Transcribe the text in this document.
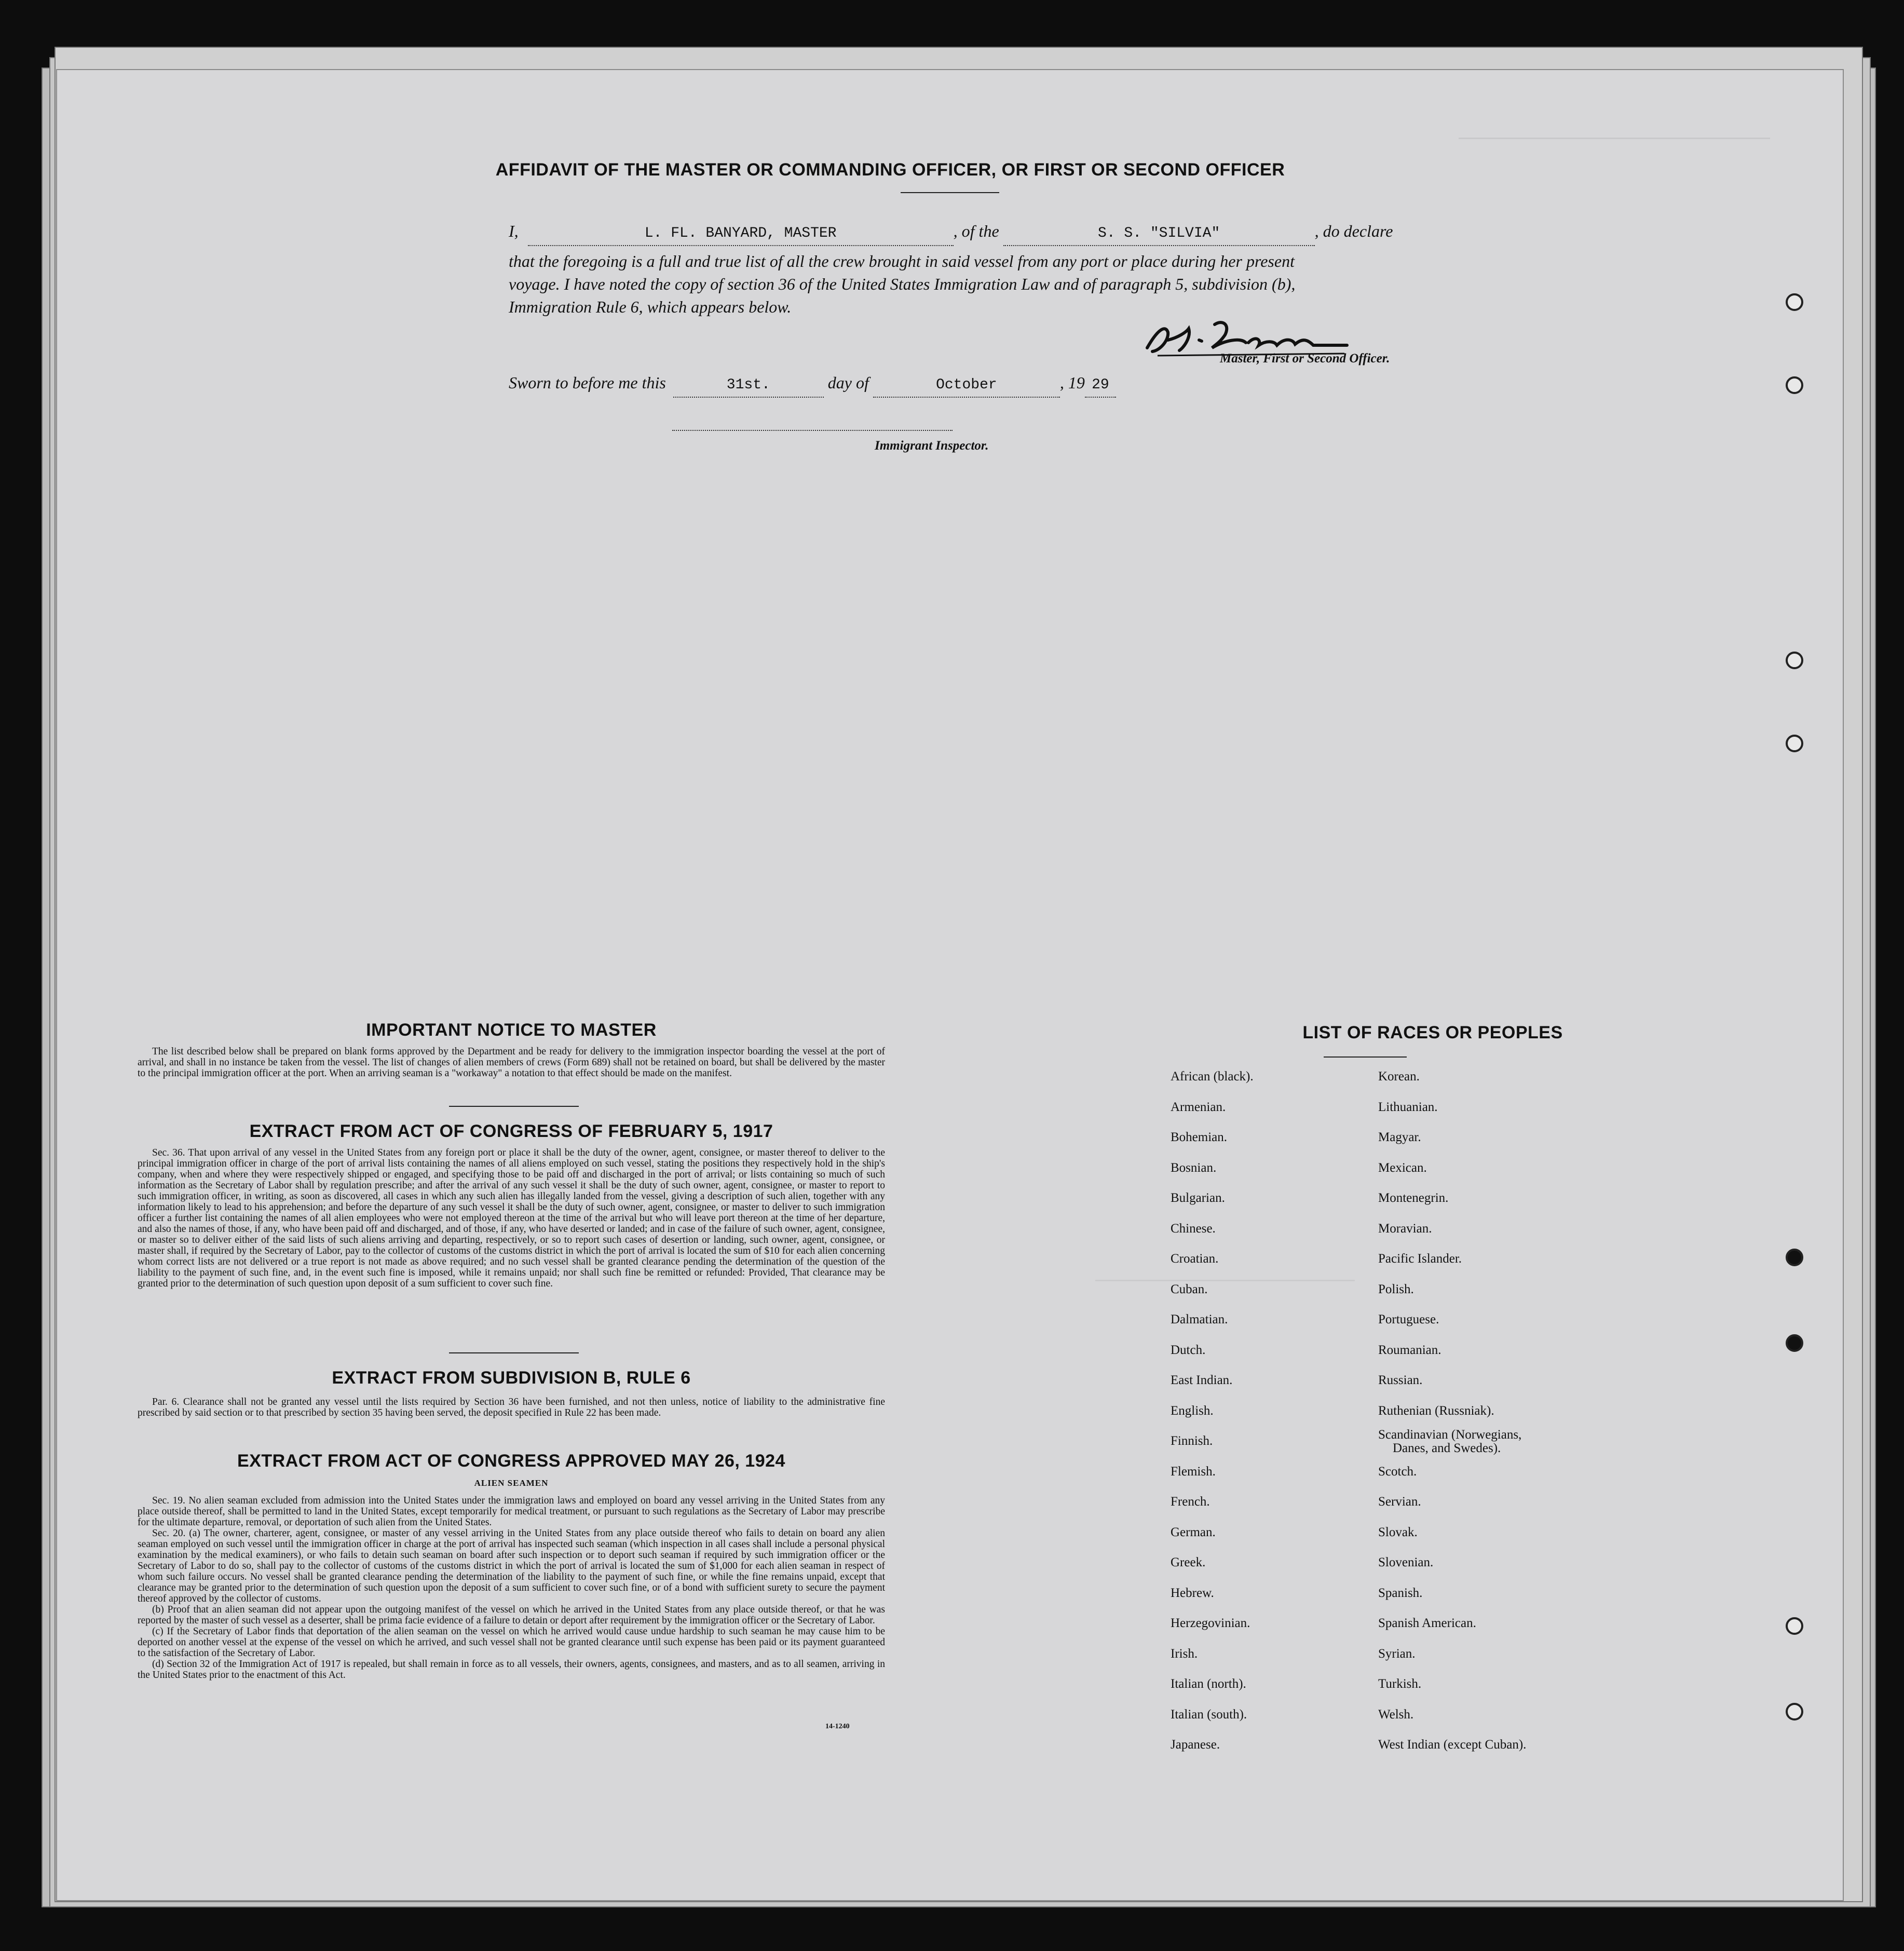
AFFIDAVIT OF THE MASTER OR COMMANDING OFFICER, OR FIRST OR SECOND OFFICER
I,	L. FL. BANYARD, MASTER	, of the	S. S. "SILVIA"	, do declare
that the foregoing is a full and true list of all the crew brought in said vessel from any port or place during her present
voyage. I have noted the copy of section 36 of the United States Immigration Law and of paragraph 5, subdivision (b),
Immigration Rule 6, which appears below.
Master, First or Second Officer.
Sworn to before me this	31st.	day of	October	, 19 29
Immigrant Inspector.
IMPORTANT NOTICE TO MASTER

The list described below shall be prepared on blank forms approved by the Department and be ready for delivery to the immigration inspector boarding the vessel at the port of arrival, and shall in no instance be taken from the vessel. The list of changes of alien members of crews (Form 689) shall not be retained on board, but shall be delivered by the master to the principal immigration officer at the port. When an arriving seaman is a "workaway" a notation to that effect should be made on the manifest.

EXTRACT FROM ACT OF CONGRESS OF FEBRUARY 5, 1917

Sec. 36. That upon arrival of any vessel in the United States from any foreign port or place it shall be the duty of the owner, agent, consignee, or master thereof to deliver to the principal immigration officer in charge of the port of arrival lists containing the names of all aliens employed on such vessel, stating the positions they respectively hold in the ship's company, when and where they were respectively shipped or engaged, and specifying those to be paid off and discharged in the port of arrival; or lists containing so much of such information as the Secretary of Labor shall by regulation prescribe; and after the arrival of any such vessel it shall be the duty of such owner, agent, consignee, or master to report to such immigration officer, in writing, as soon as discovered, all cases in which any such alien has illegally landed from the vessel, giving a description of such alien, together with any information likely to lead to his apprehension; and before the departure of any such vessel it shall be the duty of such owner, agent, consignee, or master to deliver to such immigration officer a further list containing the names of all alien employees who were not employed thereon at the time of the arrival but who will leave port thereon at the time of her departure, and also the names of those, if any, who have been paid off and discharged, and of those, if any, who have deserted or landed; and in case of the failure of such owner, agent, consignee, or master so to deliver either of the said lists of such aliens arriving and departing, respectively, or so to report such cases of desertion or landing, such owner, agent, consignee, or master shall, if required by the Secretary of Labor, pay to the collector of customs of the customs district in which the port of arrival is located the sum of $10 for each alien concerning whom correct lists are not delivered or a true report is not made as above required; and no such vessel shall be granted clearance pending the determination of the question of the liability to the payment of such fine, and, in the event such fine is imposed, while it remains unpaid; nor shall such fine be remitted or refunded: Provided, That clearance may be granted prior to the determination of such question upon deposit of a sum sufficient to cover such fine.

EXTRACT FROM SUBDIVISION B, RULE 6

Par. 6. Clearance shall not be granted any vessel until the lists required by Section 36 have been furnished, and not then unless, notice of liability to the administrative fine prescribed by said section or to that prescribed by section 35 having been served, the deposit specified in Rule 22 has been made.

EXTRACT FROM ACT OF CONGRESS APPROVED MAY 26, 1924
ALIEN SEAMEN

Sec. 19. No alien seaman excluded from admission into the United States under the immigration laws and employed on board any vessel arriving in the United States from any place outside thereof, shall be permitted to land in the United States, except temporarily for medical treatment, or pursuant to such regulations as the Secretary of Labor may prescribe for the ultimate departure, removal, or deportation of such alien from the United States.

Sec. 20. (a) The owner, charterer, agent, consignee, or master of any vessel arriving in the United States from any place outside thereof who fails to detain on board any alien seaman employed on such vessel until the immigration officer in charge at the port of arrival has inspected such seaman (which inspection in all cases shall include a personal physical examination by the medical examiners), or who fails to detain such seaman on board after such inspection or to deport such seaman if required by such immigration officer or the Secretary of Labor to do so, shall pay to the collector of customs of the customs district in which the port of arrival is located the sum of $1,000 for each alien seaman in respect of whom such failure occurs. No vessel shall be granted clearance pending the determination of the liability to the payment of such fine, or while the fine remains unpaid, except that clearance may be granted prior to the determination of such question upon the deposit of a sum sufficient to cover such fine, or of a bond with sufficient surety to secure the payment thereof approved by the collector of customs.

(b) Proof that an alien seaman did not appear upon the outgoing manifest of the vessel on which he arrived in the United States from any place outside thereof, or that he was reported by the master of such vessel as a deserter, shall be prima facie evidence of a failure to detain or deport after requirement by the immigration officer or the Secretary of Labor.

(c) If the Secretary of Labor finds that deportation of the alien seaman on the vessel on which he arrived would cause undue hardship to such seaman he may cause him to be deported on another vessel at the expense of the vessel on which he arrived, and such vessel shall not be granted clearance until such expense has been paid or its payment guaranteed to the satisfaction of the Secretary of Labor.

(d) Section 32 of the Immigration Act of 1917 is repealed, but shall remain in force as to all vessels, their owners, agents, consignees, and masters, and as to all seamen, arriving in the United States prior to the enactment of this Act.

14-1240
LIST OF RACES OR PEOPLES
African (black).	Korean.
Armenian.	Lithuanian.
Bohemian.	Magyar.
Bosnian.	Mexican.
Bulgarian.	Montenegrin.
Chinese.	Moravian.
Croatian.	Pacific Islander.
Cuban.	Polish.
Dalmatian.	Portuguese.
Dutch.	Roumanian.
East Indian.	Russian.
English.	Ruthenian (Russniak).
Finnish.	Scandinavian (Norwegians,
Danes, and Swedes).
Flemish.	Scotch.
French.	Servian.
German.	Slovak.
Greek.	Slovenian.
Hebrew.	Spanish.
Herzegovinian.	Spanish American.
Irish.	Syrian.
Italian (north).	Turkish.
Italian (south).	Welsh.
Japanese.	West Indian (except Cuban).
